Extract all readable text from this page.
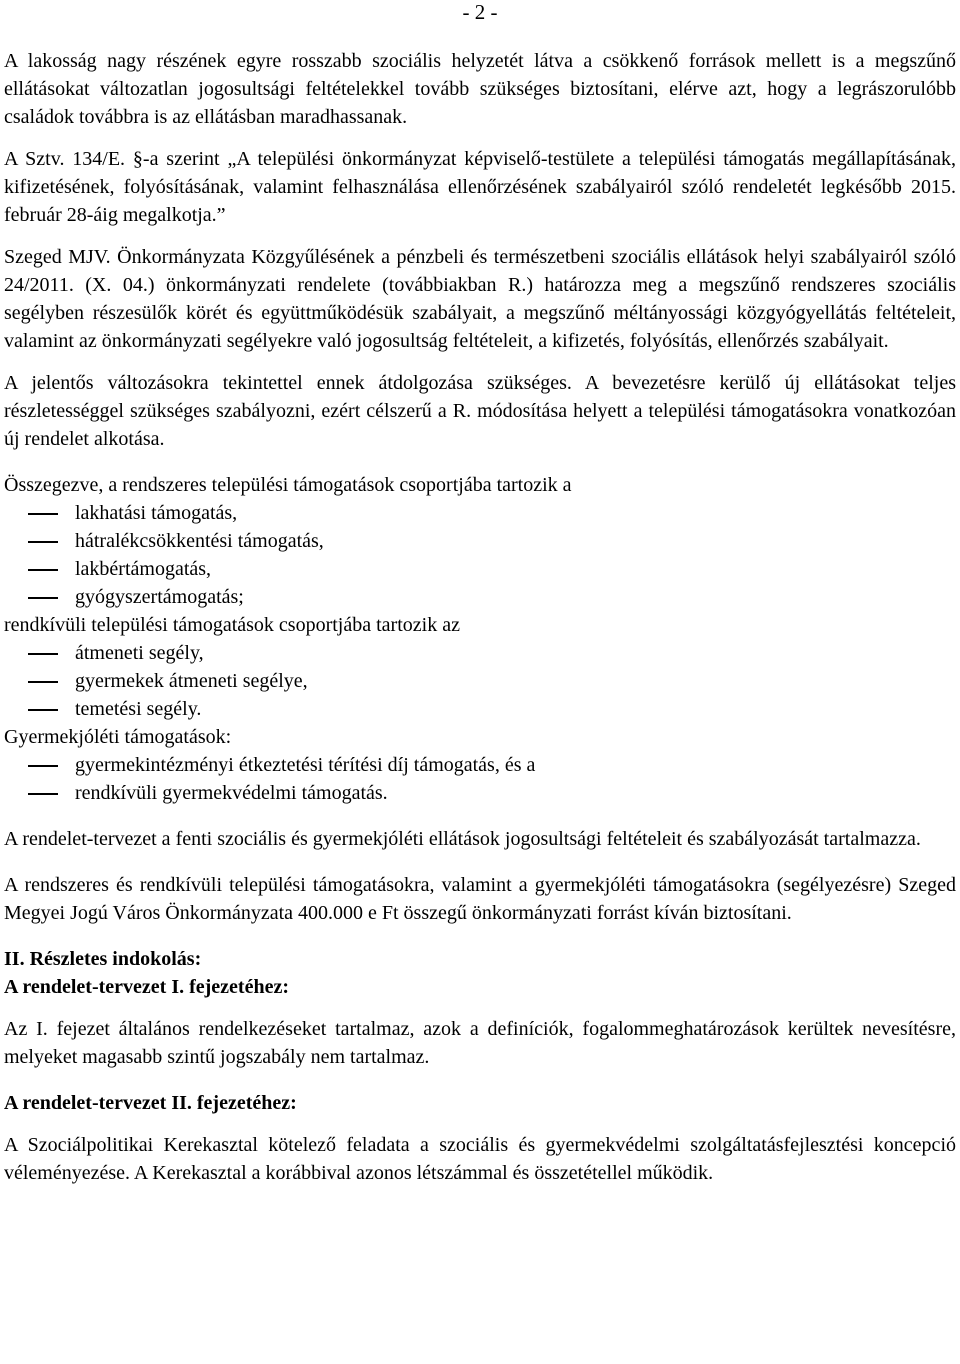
- 2 -

A lakosság nagy részének egyre rosszabb szociális helyzetét látva a csökkenő források mellett is a megszűnő ellátásokat változatlan jogosultsági feltételekkel tovább szükséges biztosítani, elérve azt, hogy a legrászorulóbb családok továbbra is az ellátásban maradhassanak.

A Sztv. 134/E. §-a szerint „A települési önkormányzat képviselő-testülete a települési támogatás megállapításának, kifizetésének, folyósításának, valamint felhasználása ellenőrzésének szabályairól szóló rendeletét legkésőbb 2015. február 28-áig megalkotja.”

Szeged MJV. Önkormányzata Közgyűlésének a pénzbeli és természetbeni szociális ellátások helyi szabályairól szóló 24/2011. (X. 04.) önkormányzati rendelete (továbbiakban R.) határozza meg a megszűnő rendszeres szociális segélyben részesülők körét és együttműködésük szabályait, a megszűnő méltányossági közgyógyellátás feltételeit, valamint az önkormányzati segélyekre való jogosultság feltételeit, a kifizetés, folyósítás, ellenőrzés szabályait.

A jelentős változásokra tekintettel ennek átdolgozása szükséges. A bevezetésre kerülő új ellátásokat teljes részletességgel szükséges szabályozni, ezért célszerű a R. módosítása helyett a települési támogatásokra vonatkozóan új rendelet alkotása.

Összegezve, a rendszeres települési támogatások csoportjába tartozik a

lakhatási támogatás,
hátralékcsökkentési támogatás,
lakbértámogatás,
gyógyszertámogatás;

rendkívüli települési támogatások csoportjába tartozik az

átmeneti segély,
gyermekek átmeneti segélye,
temetési segély.

Gyermekjóléti támogatások:

gyermekintézményi étkeztetési térítési díj támogatás, és a
rendkívüli gyermekvédelmi támogatás.

A rendelet-tervezet a fenti szociális és gyermekjóléti ellátások jogosultsági feltételeit és szabályozását tartalmazza.

A rendszeres és rendkívüli települési támogatásokra, valamint a gyermekjóléti támogatásokra (segélyezésre) Szeged Megyei Jogú Város Önkormányzata 400.000 e Ft összegű önkormányzati forrást kíván biztosítani.

II. Részletes indokolás:

A rendelet-tervezet I. fejezetéhez:

Az I. fejezet általános rendelkezéseket tartalmaz, azok a definíciók, fogalommeghatározások kerültek nevesítésre, melyeket magasabb szintű jogszabály nem tartalmaz.

A rendelet-tervezet II. fejezetéhez:

A Szociálpolitikai Kerekasztal kötelező feladata a szociális és gyermekvédelmi szolgáltatásfejlesztési koncepció véleményezése. A Kerekasztal a korábbival azonos létszámmal és összetétellel működik.
